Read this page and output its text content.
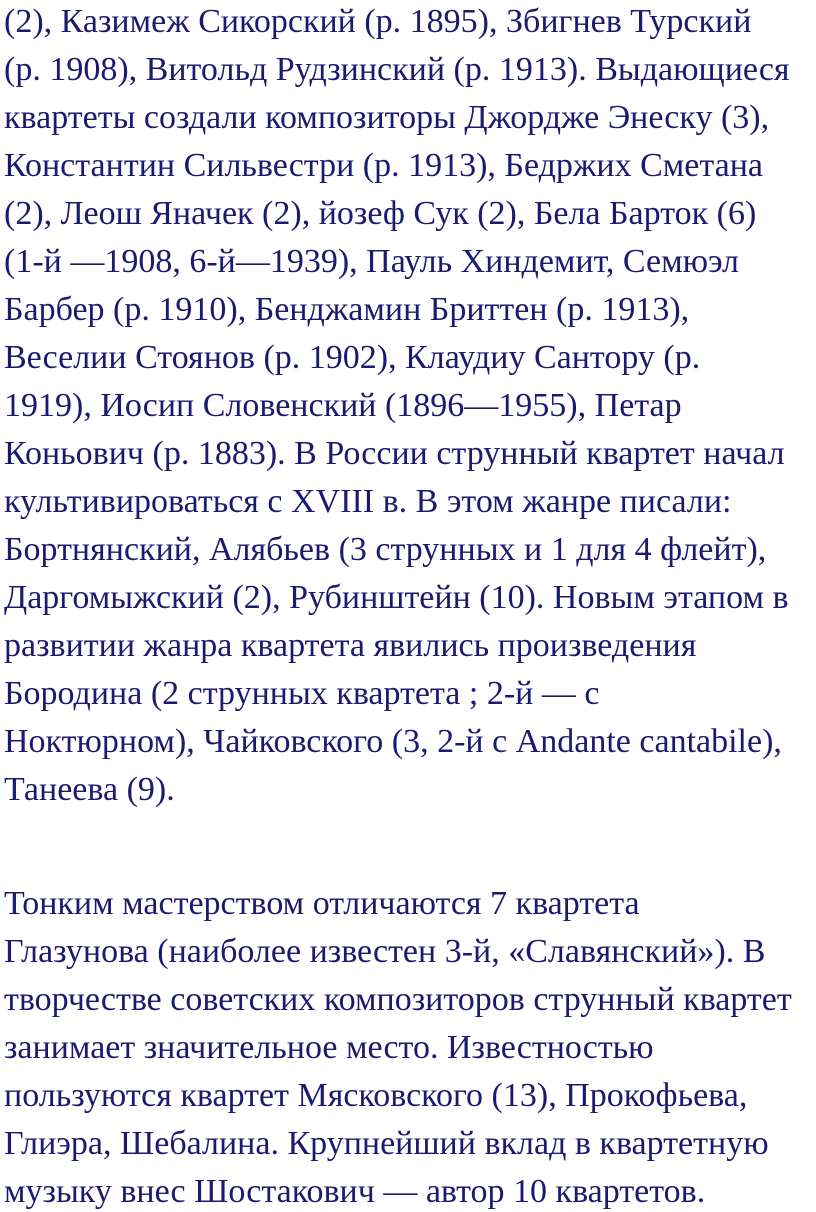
(2), Казимеж Сикорский (р. 1895), Збигнев Турский
(р. 1908), Витольд Рудзинский (р. 1913). Выдающиеся
квартеты создали композиторы Джордже Энеску (3),
Константин Сильвестри (р. 1913), Бедржих Сметана
(2), Леош Яначек (2), йозеф Сук (2), Бела Барток (6)
(1-й —1908, 6-й—1939), Пауль Хиндемит, Семюэл
Барбер (р. 1910), Бенджамин Бриттен (р. 1913),
Веселии Стоянов (р. 1902), Клаудиу Сантору (р.
1919), Иосип Словенский (1896—1955), Петар
Коньович (р. 1883). В России струнный квартет начал
культивироваться с XVIII в. В этом жанре писали:
Бортнянский, Алябьев (3 струнных и 1 для 4 флейт),
Даргомыжский (2), Рубинштейн (10). Новым этапом в
развитии жанра квартета явились произведения
Бородина (2 струнных квартета ; 2-й — с
Ноктюрном), Чайковского (3, 2-й с Andante cantabile),
Танеева (9).
Тонким мастерством отличаются 7 квартета
Глазунова (наиболее известен 3-й, «Славянский»). В
творчестве советских композиторов струнный квартет
занимает значительное место. Известностью
пользуются квартет Мясковского (13), Прокофьева,
Глиэра, Шебалина. Крупнейший вклад в квартетную
музыку внес Шостакович — автор 10 квартетов.
